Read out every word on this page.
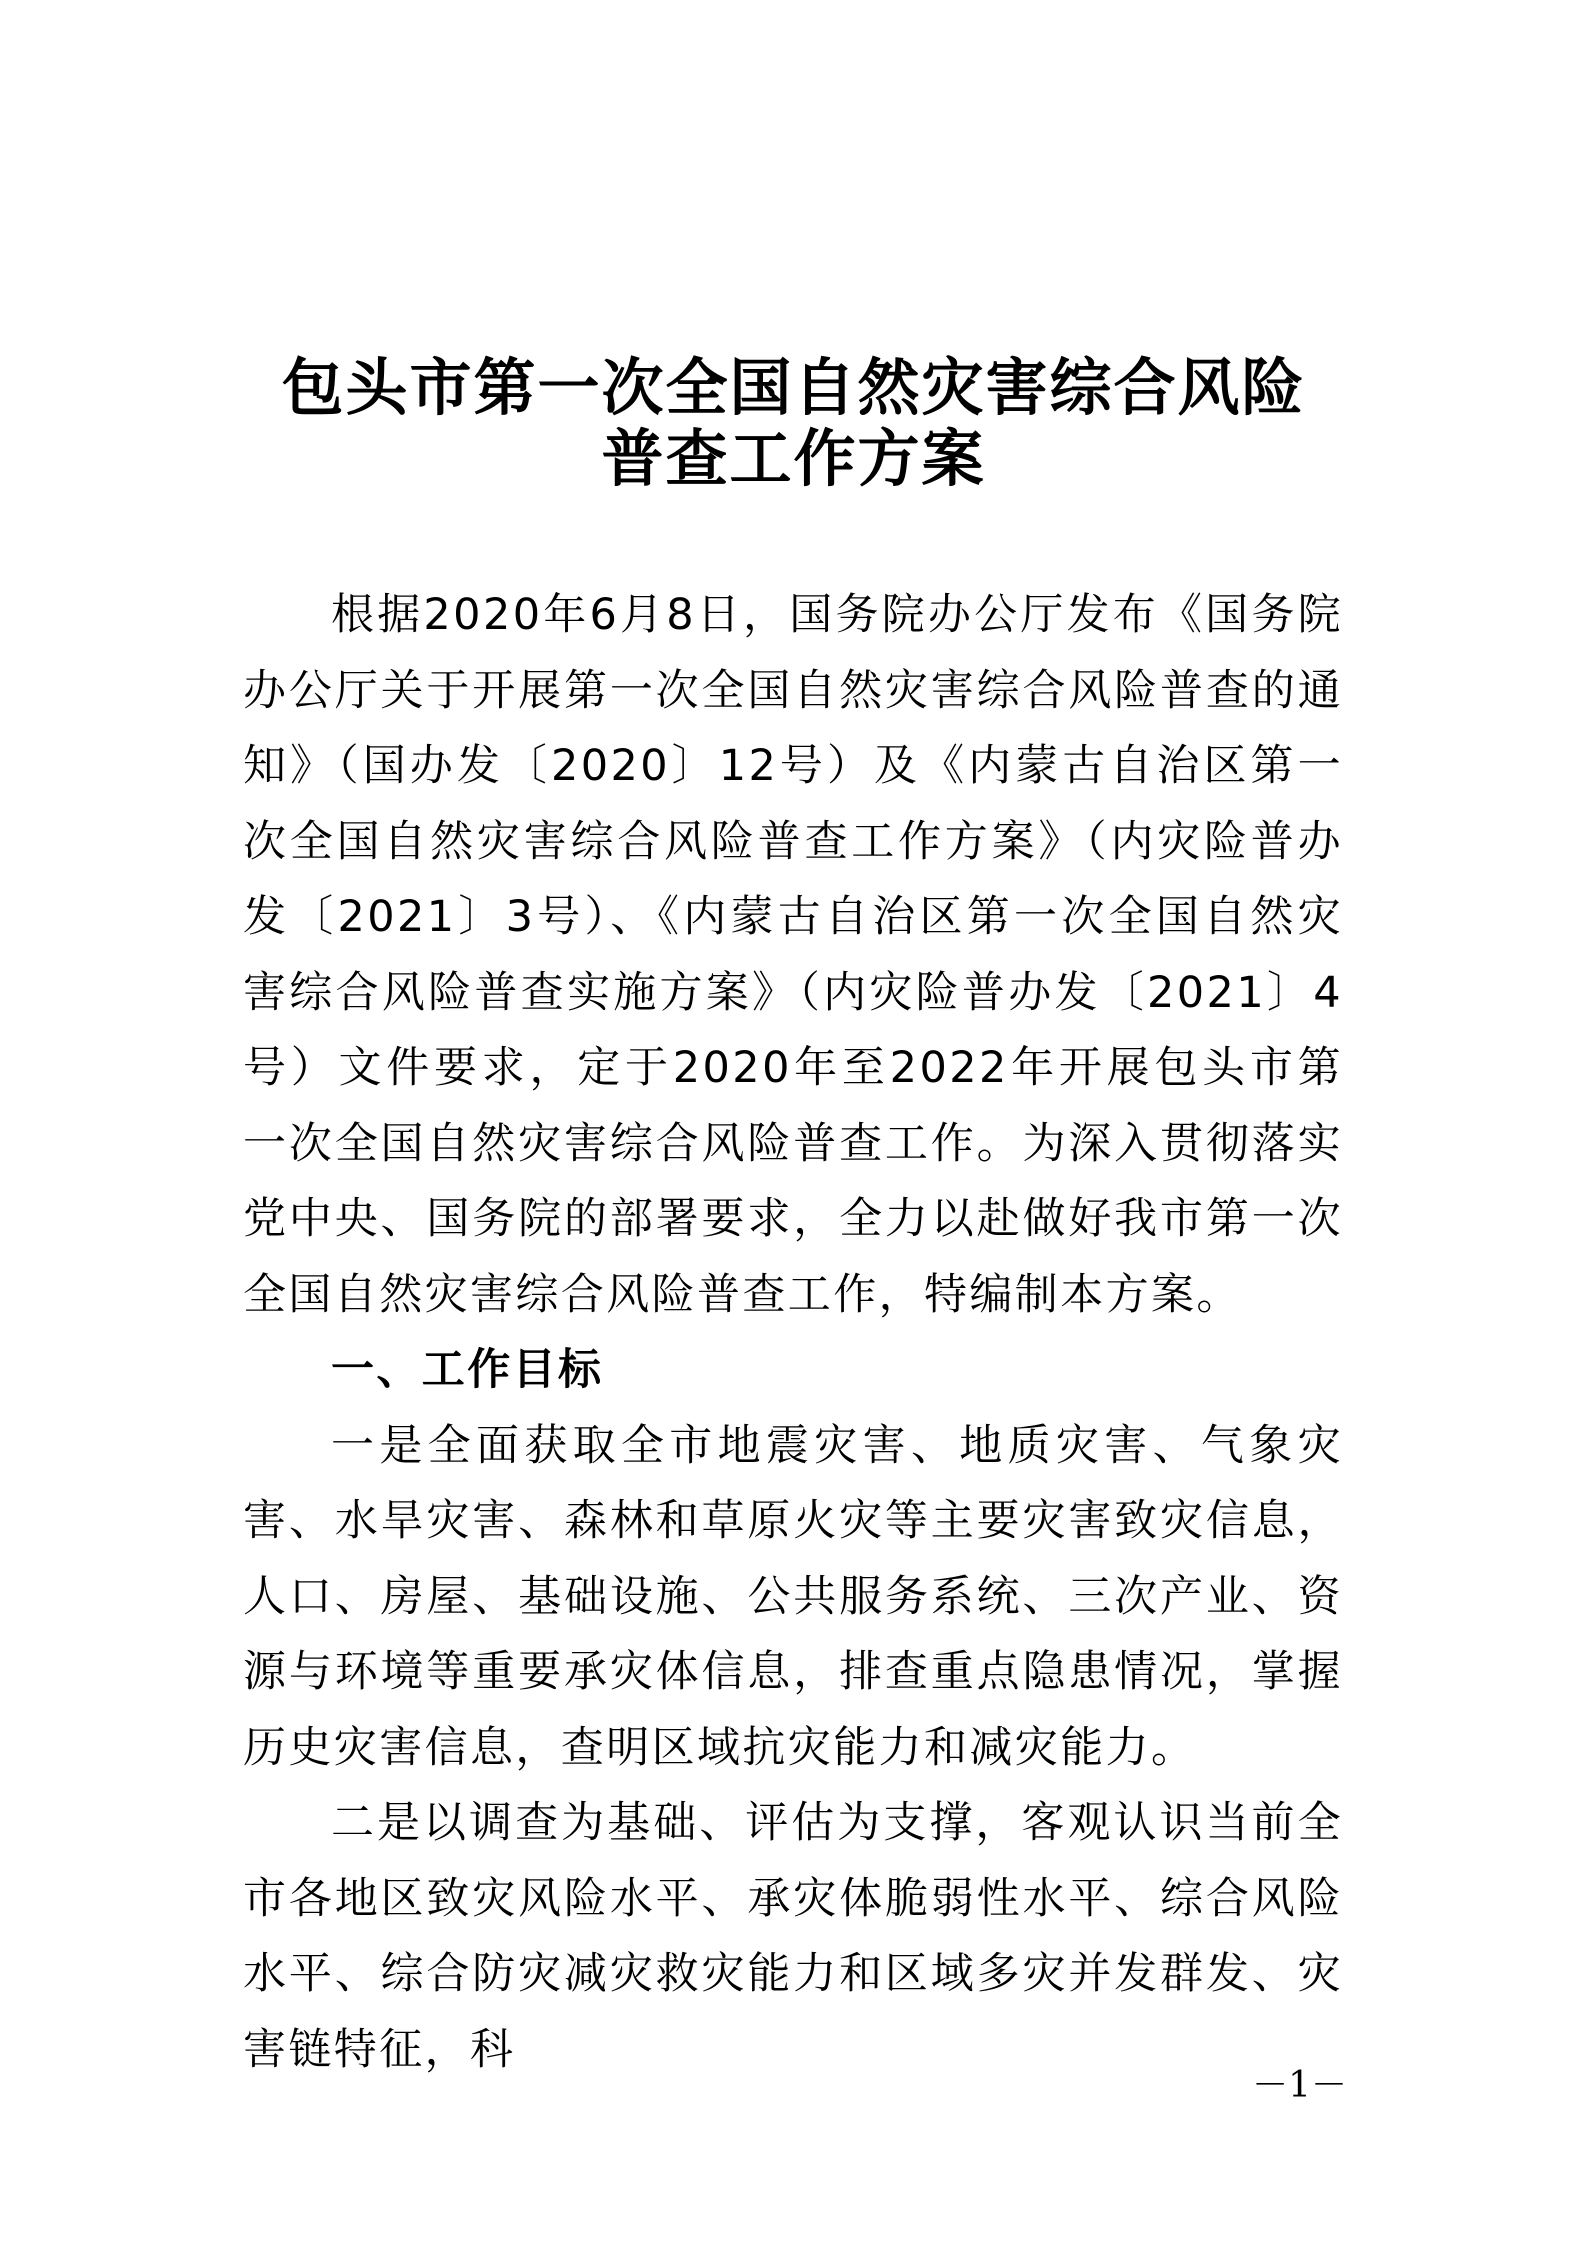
包头市第一次全国自然灾害综合风险
普查工作方案

根据2020年6月8日，国务院办公厅发布《国务院办公厅关于开展第一次全国自然灾害综合风险普查的通知》（国办发〔2020〕12号）及《内蒙古自治区第一次全国自然灾害综合风险普查工作方案》（内灾险普办发〔2021〕3号）、《内蒙古自治区第一次全国自然灾害综合风险普查实施方案》（内灾险普办发〔2021〕4号）文件要求，定于2020年至2022年开展包头市第一次全国自然灾害综合风险普查工作。为深入贯彻落实党中央、国务院的部署要求，全力以赴做好我市第一次全国自然灾害综合风险普查工作，特编制本方案。

一、工作目标

一是全面获取全市地震灾害、地质灾害、气象灾害、水旱灾害、森林和草原火灾等主要灾害致灾信息，人口、房屋、基础设施、公共服务系统、三次产业、资源与环境等重要承灾体信息，排查重点隐患情况，掌握历史灾害信息，查明区域抗灾能力和减灾能力。

二是以调查为基础、评估为支撑，客观认识当前全市各地区致灾风险水平、承灾体脆弱性水平、综合风险水平、综合防灾减灾救灾能力和区域多灾并发群发、灾害链特征，科

－1－
